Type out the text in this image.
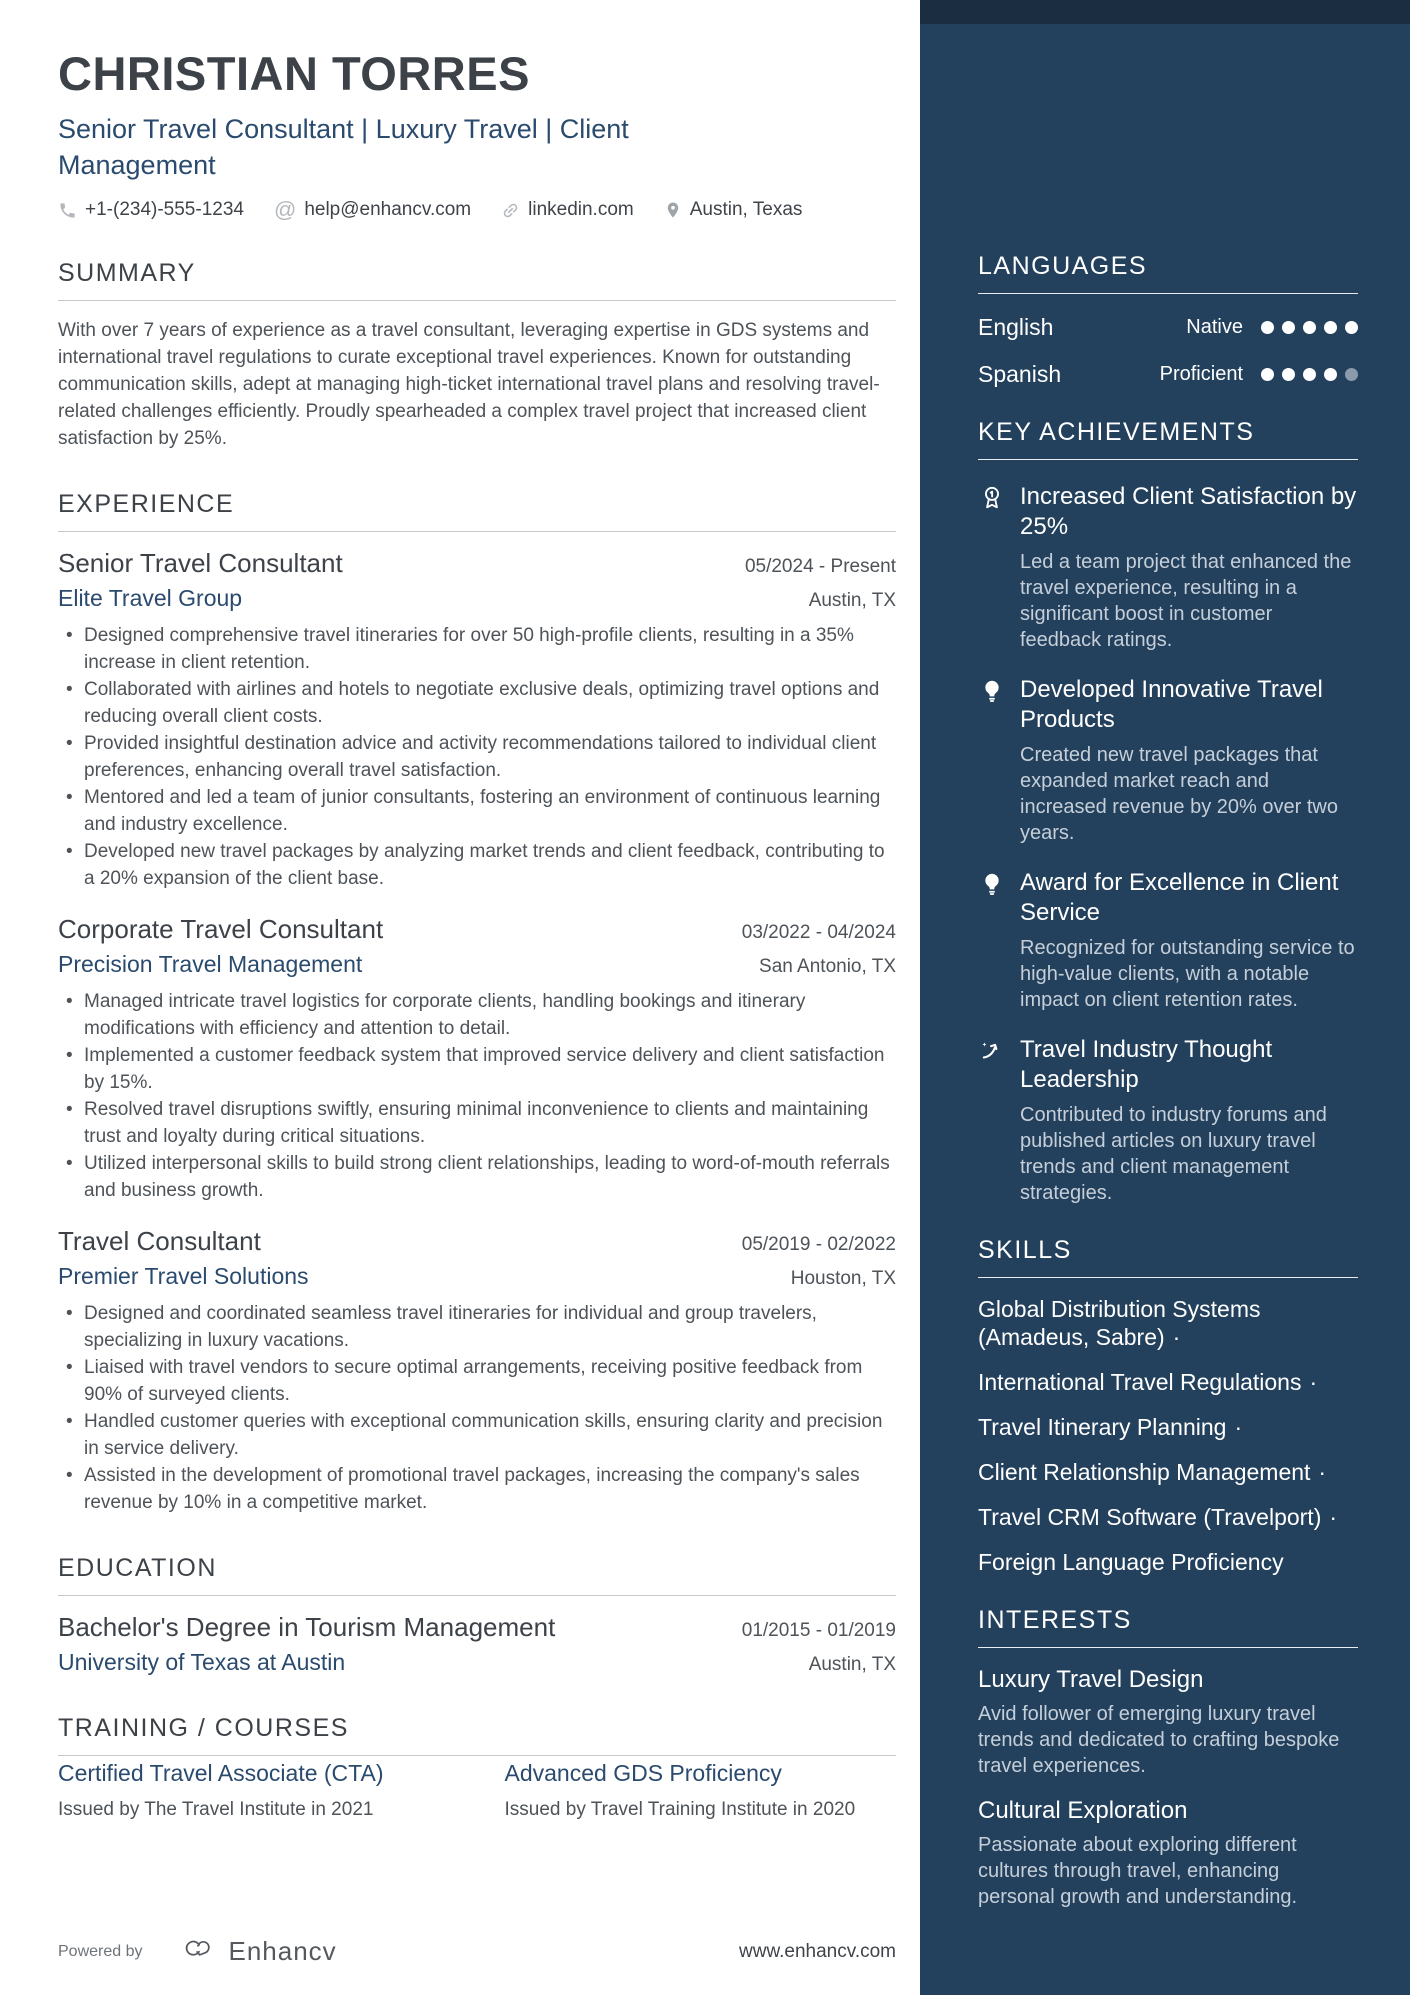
LANGUAGES
English	Native
Spanish	Proficient
KEY ACHIEVEMENTS
Increased Client Satisfaction by 25%
Led a team project that enhanced the travel experience, resulting in a significant boost in customer feedback ratings.
Developed Innovative Travel Products
Created new travel packages that expanded market reach and increased revenue by 20% over two years.
Award for Excellence in Client Service
Recognized for outstanding service to high-value clients, with a notable impact on client retention rates.
Travel Industry Thought Leadership
Contributed to industry forums and published articles on luxury travel trends and client management strategies.
SKILLS
Global Distribution Systems (Amadeus, Sabre) ·
International Travel Regulations ·
Travel Itinerary Planning ·
Client Relationship Management ·
Travel CRM Software (Travelport) ·
Foreign Language Proficiency
INTERESTS
Luxury Travel Design
Avid follower of emerging luxury travel trends and dedicated to crafting bespoke travel experiences.
Cultural Exploration
Passionate about exploring different cultures through travel, enhancing personal growth and understanding.
CHRISTIAN TORRES
Senior Travel Consultant | Luxury Travel | Client Management
+1-(234)-555-1234 @ help@enhancv.com	linkedin.com	Austin, Texas
SUMMARY

With over 7 years of experience as a travel consultant, leveraging expertise in GDS systems and international travel regulations to curate exceptional travel experiences. Known for outstanding communication skills, adept at managing high-ticket international travel plans and resolving travel-related challenges efficiently. Proudly spearheaded a complex travel project that increased client satisfaction by 25%.

EXPERIENCE
Senior Travel Consultant	05/2024 - Present
Elite Travel Group	Austin, TX
• Designed comprehensive travel itineraries for over 50 high-profile clients, resulting in a 35% increase in client retention.
• Collaborated with airlines and hotels to negotiate exclusive deals, optimizing travel options and reducing overall client costs.
• Provided insightful destination advice and activity recommendations tailored to individual client preferences, enhancing overall travel satisfaction.
• Mentored and led a team of junior consultants, fostering an environment of continuous learning and industry excellence.
• Developed new travel packages by analyzing market trends and client feedback, contributing to a 20% expansion of the client base.
Corporate Travel Consultant	03/2022 - 04/2024
Precision Travel Management	San Antonio, TX
• Managed intricate travel logistics for corporate clients, handling bookings and itinerary modifications with efficiency and attention to detail.
• Implemented a customer feedback system that improved service delivery and client satisfaction by 15%.
• Resolved travel disruptions swiftly, ensuring minimal inconvenience to clients and maintaining trust and loyalty during critical situations.
• Utilized interpersonal skills to build strong client relationships, leading to word-of-mouth referrals and business growth.
Travel Consultant	05/2019 - 02/2022
Premier Travel Solutions	Houston, TX
• Designed and coordinated seamless travel itineraries for individual and group travelers, specializing in luxury vacations.
• Liaised with travel vendors to secure optimal arrangements, receiving positive feedback from 90% of surveyed clients.
• Handled customer queries with exceptional communication skills, ensuring clarity and precision in service delivery.
• Assisted in the development of promotional travel packages, increasing the company's sales revenue by 10% in a competitive market.
EDUCATION
Bachelor's Degree in Tourism Management	01/2015 - 01/2019
University of Texas at Austin	Austin, TX
TRAINING / COURSES
Certified Travel Associate (CTA)
Issued by The Travel Institute in 2021
Advanced GDS Proficiency
Issued by Travel Training Institute in 2020
Powered by	Enhancv	www.enhancv.com
